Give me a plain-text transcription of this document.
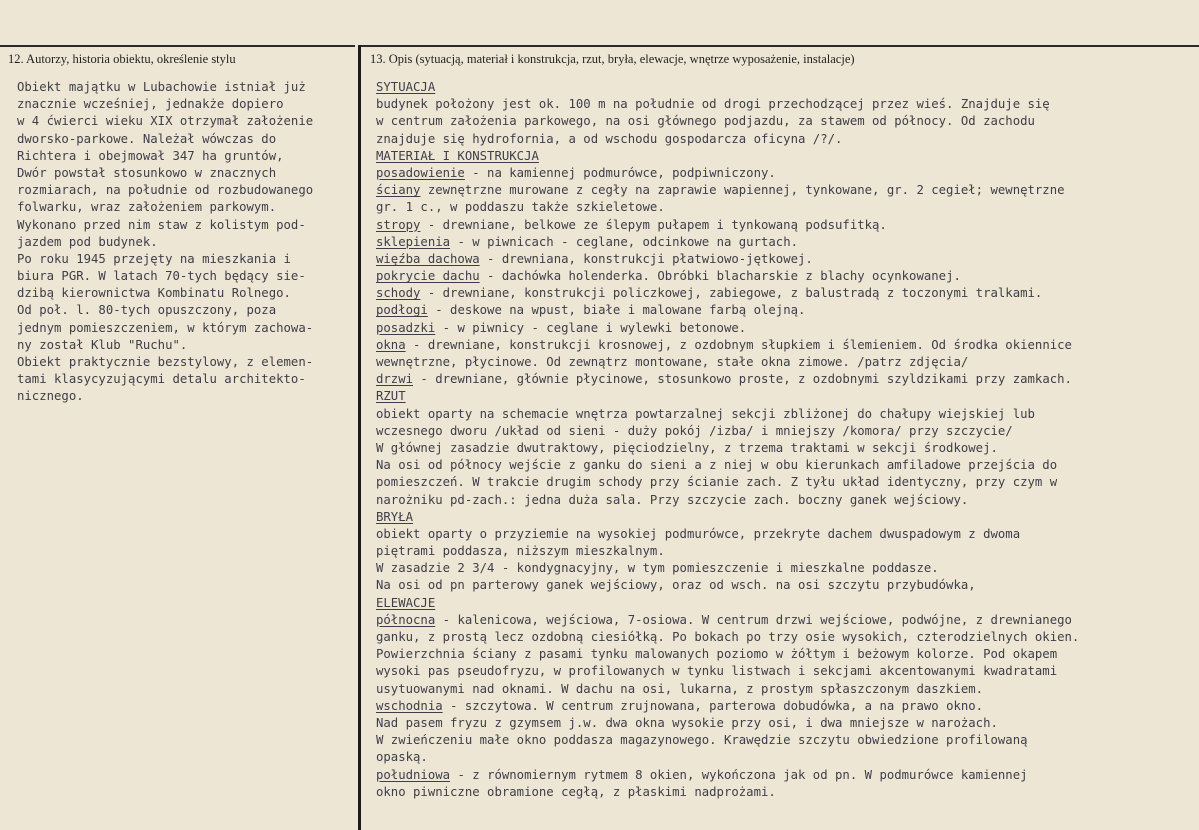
12. Autorzy, historia obiektu, określenie stylu	13. Opis (sytuacją, materiał i konstrukcja, rzut, bryła, elewacje, wnętrze wyposażenie, instalacje)
Obiekt majątku w Lubachowie istniał już
znacznie wcześniej, jednakże dopiero
w 4 ćwierci wieku XIX otrzymał założenie
dworsko-parkowe. Należał wówczas do
Richtera i obejmował 347 ha gruntów,
Dwór powstał stosunkowo w znacznych
rozmiarach, na południe od rozbudowanego
folwarku, wraz założeniem parkowym.
Wykonano przed nim staw z kolistym pod-
jazdem pod budynek.
Po roku 1945 przejęty na mieszkania i
biura PGR. W latach 70-tych będący sie-
dzibą kierownictwa Kombinatu Rolnego.
Od poł. l. 80-tych opuszczony, poza
jednym pomieszczeniem, w którym zachowa-
ny został Klub "Ruchu".
Obiekt praktycznie bezstylowy, z elemen-
tami klasycyzującymi detalu architekto-
nicznego.
SYTUACJA
budynek położony jest ok. 100 m na południe od drogi przechodzącej przez wieś. Znajduje się
w centrum założenia parkowego, na osi głównego podjazdu, za stawem od północy. Od zachodu
znajduje się hydrofornia, a od wschodu gospodarcza oficyna /?/.
MATERIAŁ I KONSTRUKCJA
posadowienie - na kamiennej podmurówce, podpiwniczony.
ściany zewnętrzne murowane z cegły na zaprawie wapiennej, tynkowane, gr. 2 cegieł; wewnętrzne
gr. 1 c., w poddaszu także szkieletowe.
stropy - drewniane, belkowe ze ślepym pułapem i tynkowaną podsufitką.
sklepienia - w piwnicach - ceglane, odcinkowe na gurtach.
więźba dachowa - drewniana, konstrukcji płatwiowo-jętkowej.
pokrycie dachu - dachówka holenderka. Obróbki blacharskie z blachy ocynkowanej.
schody - drewniane, konstrukcji policzkowej, zabiegowe, z balustradą z toczonymi tralkami.
podłogi - deskowe na wpust, białe i malowane farbą olejną.
posadzki - w piwnicy - ceglane i wylewki betonowe.
okna - drewniane, konstrukcji krosnowej, z ozdobnym słupkiem i ślemieniem. Od środka okiennice
wewnętrzne, płycinowe. Od zewnątrz montowane, stałe okna zimowe. /patrz zdjęcia/
drzwi - drewniane, głównie płycinowe, stosunkowo proste, z ozdobnymi szyldzikami przy zamkach.
RZUT
obiekt oparty na schemacie wnętrza powtarzalnej sekcji zbliżonej do chałupy wiejskiej lub
wczesnego dworu /układ od sieni - duży pokój /izba/ i mniejszy /komora/ przy szczycie/
W głównej zasadzie dwutraktowy, pięciodzielny, z trzema traktami w sekcji środkowej.
Na osi od północy wejście z ganku do sieni a z niej w obu kierunkach amfiladowe przejścia do
pomieszczeń. W trakcie drugim schody przy ścianie zach. Z tyłu układ identyczny, przy czym w
narożniku pd-zach.: jedna duża sala. Przy szczycie zach. boczny ganek wejściowy.
BRYŁA
obiekt oparty o przyziemie na wysokiej podmurówce, przekryte dachem dwuspadowym z dwoma
piętrami poddasza, niższym mieszkalnym.
W zasadzie 2 3/4 - kondygnacyjny, w tym pomieszczenie i mieszkalne poddasze.
Na osi od pn parterowy ganek wejściowy, oraz od wsch. na osi szczytu przybudówka,
ELEWACJE
północna - kalenicowa, wejściowa, 7-osiowa. W centrum drzwi wejściowe, podwójne, z drewnianego
ganku, z prostą lecz ozdobną ciesiółką. Po bokach po trzy osie wysokich, czterodzielnych okien.
Powierzchnia ściany z pasami tynku malowanych poziomo w żółtym i beżowym kolorze. Pod okapem
wysoki pas pseudofryzu, w profilowanych w tynku listwach i sekcjami akcentowanymi kwadratami
usytuowanymi nad oknami. W dachu na osi, lukarna, z prostym spłaszczonym daszkiem.
wschodnia - szczytowa. W centrum zrujnowana, parterowa dobudówka, a na prawo okno.
Nad pasem fryzu z gzymsem j.w. dwa okna wysokie przy osi, i dwa mniejsze w narożach.
W zwieńczeniu małe okno poddasza magazynowego. Krawędzie szczytu obwiedzione profilowaną
opaską.
południowa - z równomiernym rytmem 8 okien, wykończona jak od pn. W podmurówce kamiennej
okno piwniczne obramione cegłą, z płaskimi nadprożami.
